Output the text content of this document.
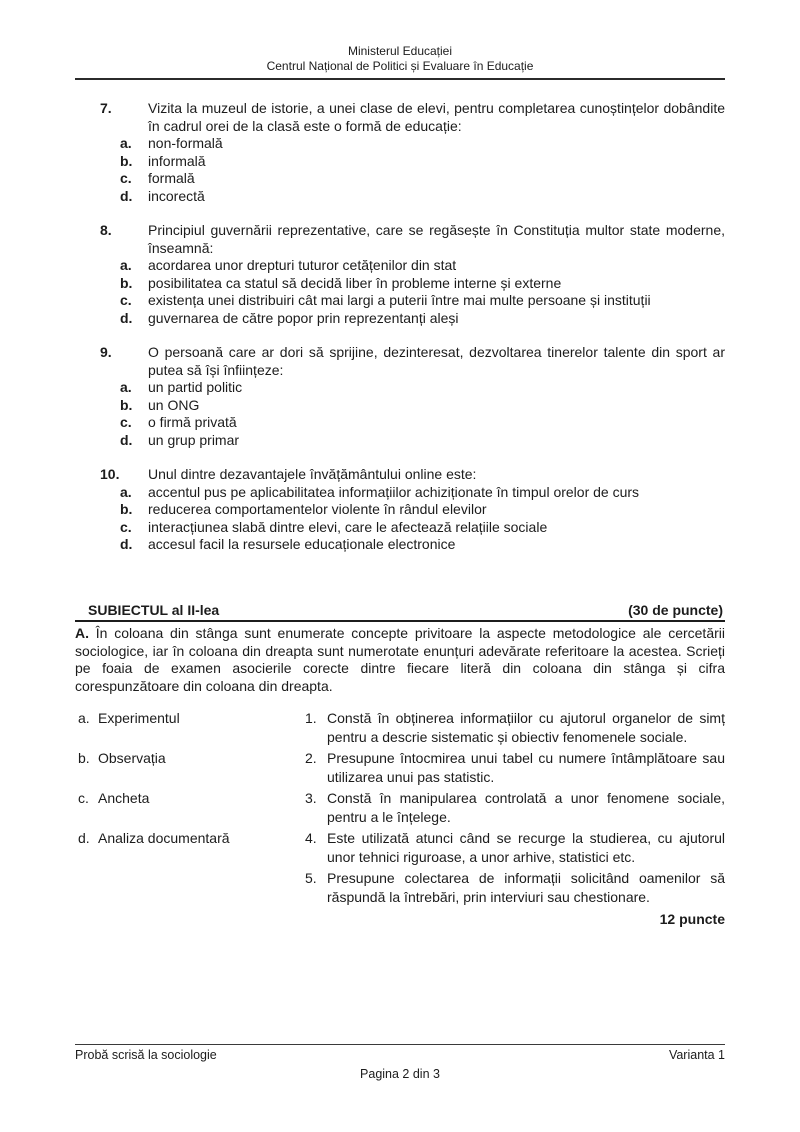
Ministerul Educației
Centrul Național de Politici și Evaluare în Educație
7.	Vizita la muzeul de istorie, a unei clase de elevi, pentru completarea cunoștințelor dobândite în cadrul orei de la clasă este o formă de educație:
a.	non-formală
b.	informală
c.	formală
d.	incorectă
8.	Principiul guvernării reprezentative, care se regăsește în Constituția multor state moderne, înseamnă:
a.	acordarea unor drepturi tuturor cetățenilor din stat
b.	posibilitatea ca statul să decidă liber în probleme interne și externe
c.	existența unei distribuiri cât mai largi a puterii între mai multe persoane și instituții
d.	guvernarea de către popor prin reprezentanți aleși
9.	O persoană care ar dori să sprijine, dezinteresat, dezvoltarea tinerelor talente din sport ar putea să își înființeze:
a.	un partid politic
b.	un ONG
c.	o firmă privată
d.	un grup primar
10.	Unul dintre dezavantajele învățământului online este:
a.	accentul pus pe aplicabilitatea informațiilor achiziționate în timpul orelor de curs
b.	reducerea comportamentelor violente în rândul elevilor
c.	interacțiunea slabă dintre elevi, care le afectează relațiile sociale
d.	accesul facil la resursele educaționale electronice
SUBIECTUL al II-lea	(30 de puncte)

A. În coloana din stânga sunt enumerate concepte privitoare la aspecte metodologice ale cercetării sociologice, iar în coloana din dreapta sunt numerotate enunțuri adevărate referitoare la acestea. Scrieți pe foaia de examen asocierile corecte dintre fiecare literă din coloana din stânga și cifra corespunzătoare din coloana din dreapta.

a. Experimentul	1. Constă în obținerea informațiilor cu ajutorul organelor de simț pentru a descrie sistematic și obiectiv fenomenele sociale.
b. Observația	2. Presupune întocmirea unui tabel cu numere întâmplătoare sau utilizarea unui pas statistic.
c. Ancheta	3. Constă în manipularea controlată a unor fenomene sociale, pentru a le înțelege.
d. Analiza documentară	4. Este utilizată atunci când se recurge la studierea, cu ajutorul unor tehnici riguroase, a unor arhive, statistici etc.
5. Presupune colectarea de informații solicitând oamenilor să răspundă la întrebări, prin interviuri sau chestionare.
12 puncte
Probă scrisă la sociologie	Varianta 1
Pagina 2 din 3
